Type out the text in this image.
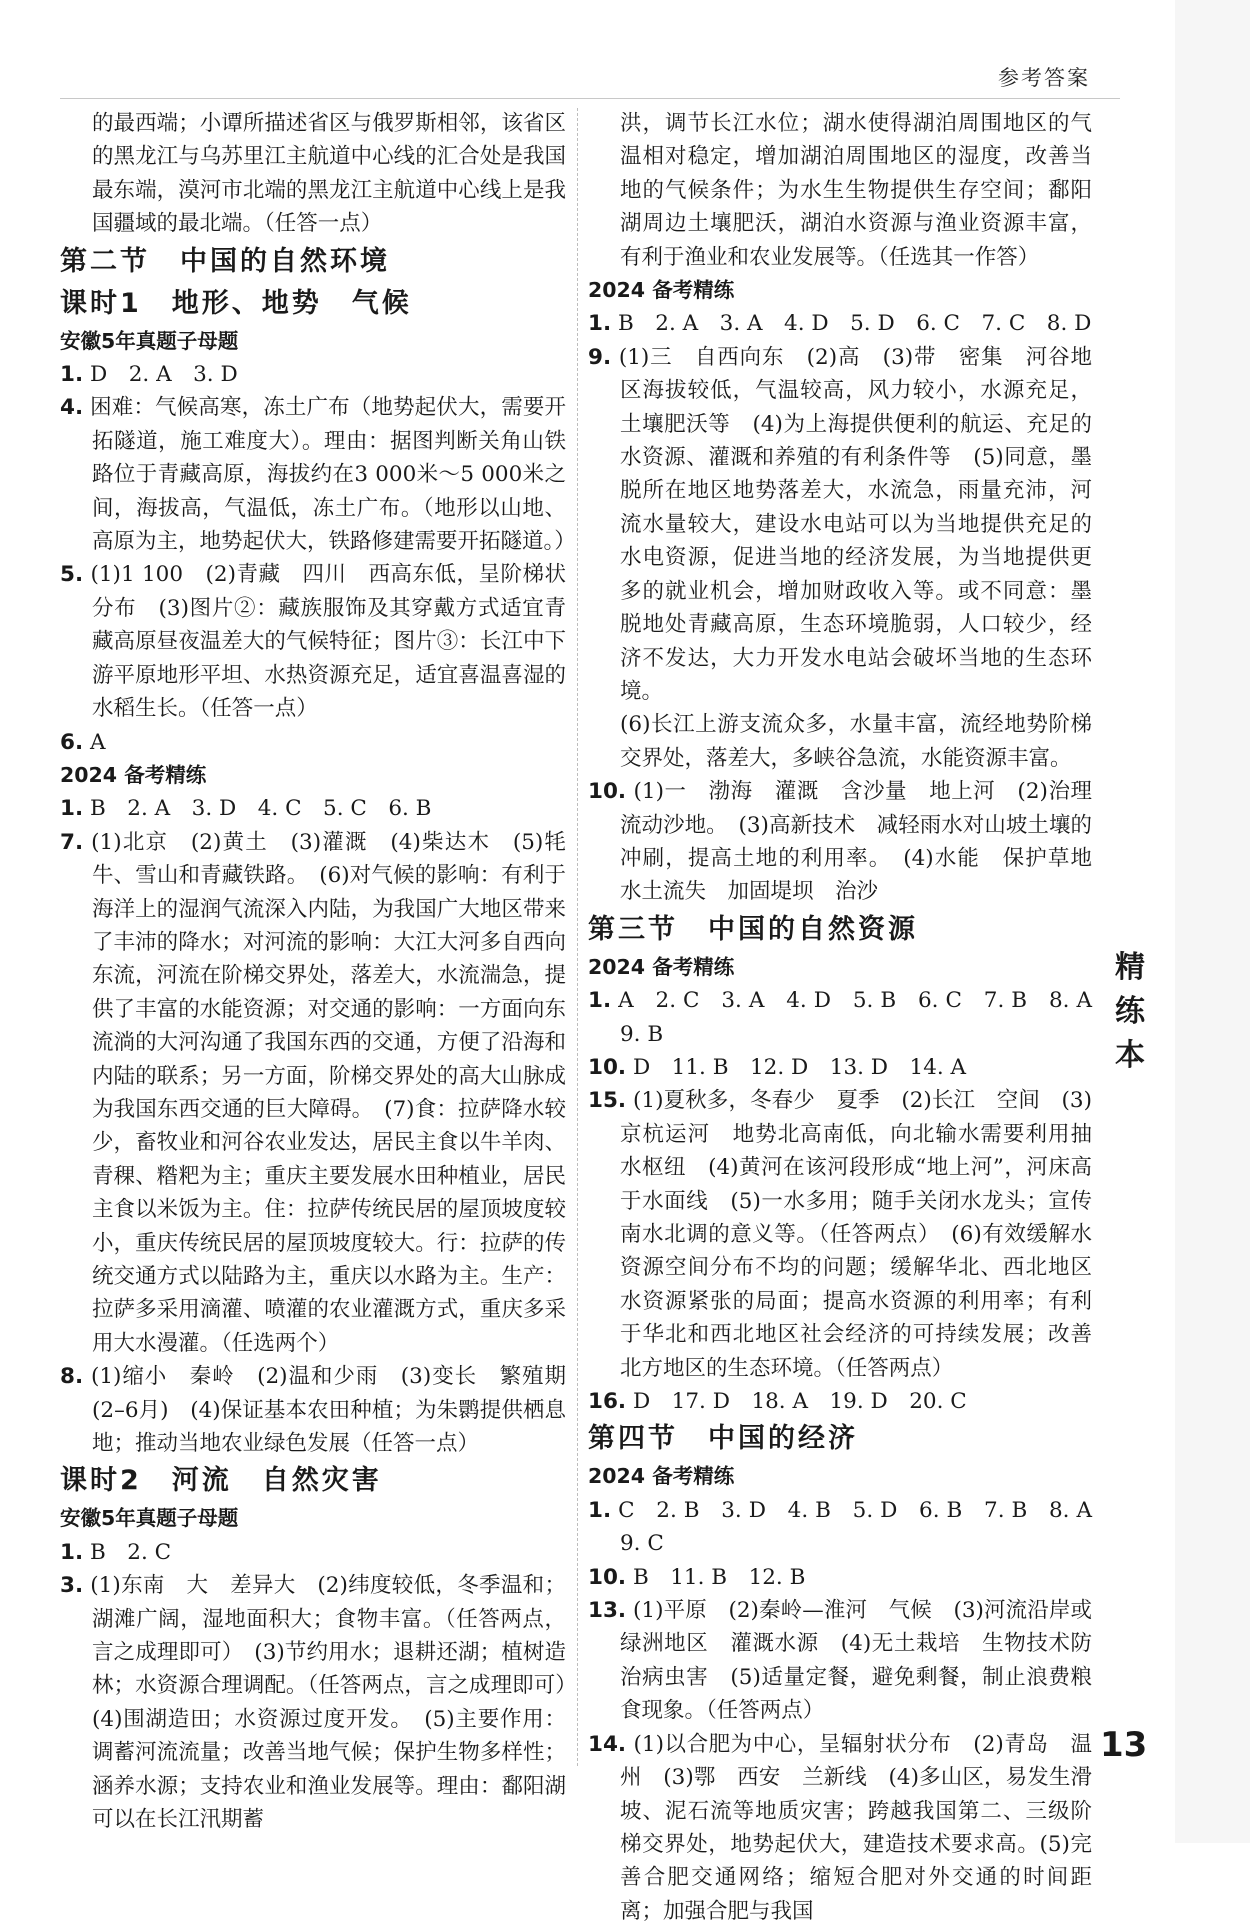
参考答案

的最西端；小谭所描述省区与俄罗斯相邻，该省区的黑龙江与乌苏里江主航道中心线的汇合处是我国最东端，漠河市北端的黑龙江主航道中心线上是我国疆域的最北端。（任答一点）

第二节　中国的自然环境

课时1　地形、地势　气候

安徽5年真题子母题

1. D　2. A　3. D

4. 困难：气候高寒，冻土广布（地势起伏大，需要开拓隧道，施工难度大）。理由：据图判断关角山铁路位于青藏高原，海拔约在3 000米～5 000米之间，海拔高，气温低，冻土广布。（地形以山地、高原为主，地势起伏大，铁路修建需要开拓隧道。）

5. (1)1 100　(2)青藏　四川　西高东低，呈阶梯状分布　(3)图片②：藏族服饰及其穿戴方式适宜青藏高原昼夜温差大的气候特征；图片③：长江中下游平原地形平坦、水热资源充足，适宜喜温喜湿的水稻生长。（任答一点）

6. A

2024 备考精练

1. B　2. A　3. D　4. C　5. C　6. B

7. (1)北京　(2)黄土　(3)灌溉　(4)柴达木　(5)牦牛、雪山和青藏铁路。　(6)对气候的影响：有利于海洋上的湿润气流深入内陆，为我国广大地区带来了丰沛的降水；对河流的影响：大江大河多自西向东流，河流在阶梯交界处，落差大，水流湍急，提供了丰富的水能资源；对交通的影响：一方面向东流淌的大河沟通了我国东西的交通，方便了沿海和内陆的联系；另一方面，阶梯交界处的高大山脉成为我国东西交通的巨大障碍。　(7)食：拉萨降水较少，畜牧业和河谷农业发达，居民主食以牛羊肉、青稞、糌粑为主；重庆主要发展水田种植业，居民主食以米饭为主。住：拉萨传统民居的屋顶坡度较小，重庆传统民居的屋顶坡度较大。行：拉萨的传统交通方式以陆路为主，重庆以水路为主。生产：拉萨多采用滴灌、喷灌的农业灌溉方式，重庆多采用大水漫灌。（任选两个）

8. (1)缩小　秦岭　(2)温和少雨　(3)变长　繁殖期(2–6月)　(4)保证基本农田种植；为朱鹮提供栖息地；推动当地农业绿色发展（任答一点）

课时2　河流　自然灾害

安徽5年真题子母题

1. B　2. C

3. (1)东南　大　差异大　(2)纬度较低，冬季温和；湖滩广阔，湿地面积大；食物丰富。（任答两点，言之成理即可）　(3)节约用水；退耕还湖；植树造林；水资源合理调配。（任答两点，言之成理即可）　(4)围湖造田；水资源过度开发。　(5)主要作用：调蓄河流流量；改善当地气候；保护生物多样性；涵养水源；支持农业和渔业发展等。理由：鄱阳湖可以在长江汛期蓄

洪，调节长江水位；湖水使得湖泊周围地区的气温相对稳定，增加湖泊周围地区的湿度，改善当地的气候条件；为水生生物提供生存空间；鄱阳湖周边土壤肥沃，湖泊水资源与渔业资源丰富，有利于渔业和农业发展等。（任选其一作答）

2024 备考精练

1. B　2. A　3. A　4. D　5. D　6. C　7. C　8. D

9. (1)三　自西向东　(2)高　(3)带　密集　河谷地区海拔较低，气温较高，风力较小，水源充足，土壤肥沃等　(4)为上海提供便利的航运、充足的水资源、灌溉和养殖的有利条件等　(5)同意，墨脱所在地区地势落差大，水流急，雨量充沛，河流水量较大，建设水电站可以为当地提供充足的水电资源，促进当地的经济发展，为当地提供更多的就业机会，增加财政收入等。或不同意：墨脱地处青藏高原，生态环境脆弱，人口较少，经济不发达，大力开发水电站会破坏当地的生态环境。

(6)长江上游支流众多，水量丰富，流经地势阶梯交界处，落差大，多峡谷急流，水能资源丰富。

10. (1)一　渤海　灌溉　含沙量　地上河　(2)治理流动沙地。　(3)高新技术　减轻雨水对山坡土壤的冲刷，提高土地的利用率。　(4)水能　保护草地　水土流失　加固堤坝　治沙

第三节　中国的自然资源

2024 备考精练

1. A　2. C　3. A　4. D　5. B　6. C　7. B　8. A　9. B

10. D　11. B　12. D　13. D　14. A

15. (1)夏秋多，冬春少　夏季　(2)长江　空间　(3)京杭运河　地势北高南低，向北输水需要利用抽水枢纽　(4)黄河在该河段形成“地上河”，河床高于水面线　(5)一水多用；随手关闭水龙头；宣传南水北调的意义等。（任答两点）　(6)有效缓解水资源空间分布不均的问题；缓解华北、西北地区水资源紧张的局面；提高水资源的利用率；有利于华北和西北地区社会经济的可持续发展；改善北方地区的生态环境。（任答两点）

16. D　17. D　18. A　19. D　20. C

第四节　中国的经济

2024 备考精练

1. C　2. B　3. D　4. B　5. D　6. B　7. B　8. A　9. C

10. B　11. B　12. B

13. (1)平原　(2)秦岭—淮河　气候　(3)河流沿岸或绿洲地区　灌溉水源　(4)无土栽培　生物技术防治病虫害　(5)适量定餐，避免剩餐，制止浪费粮食现象。（任答两点）

14. (1)以合肥为中心，呈辐射状分布　(2)青岛　温州　(3)鄂　西安　兰新线　(4)多山区，易发生滑坡、泥石流等地质灾害；跨越我国第二、三级阶梯交界处，地势起伏大，建造技术要求高。(5)完善合肥交通网络；缩短合肥对外交通的时间距离；加强合肥与我国

精
练
本
13
